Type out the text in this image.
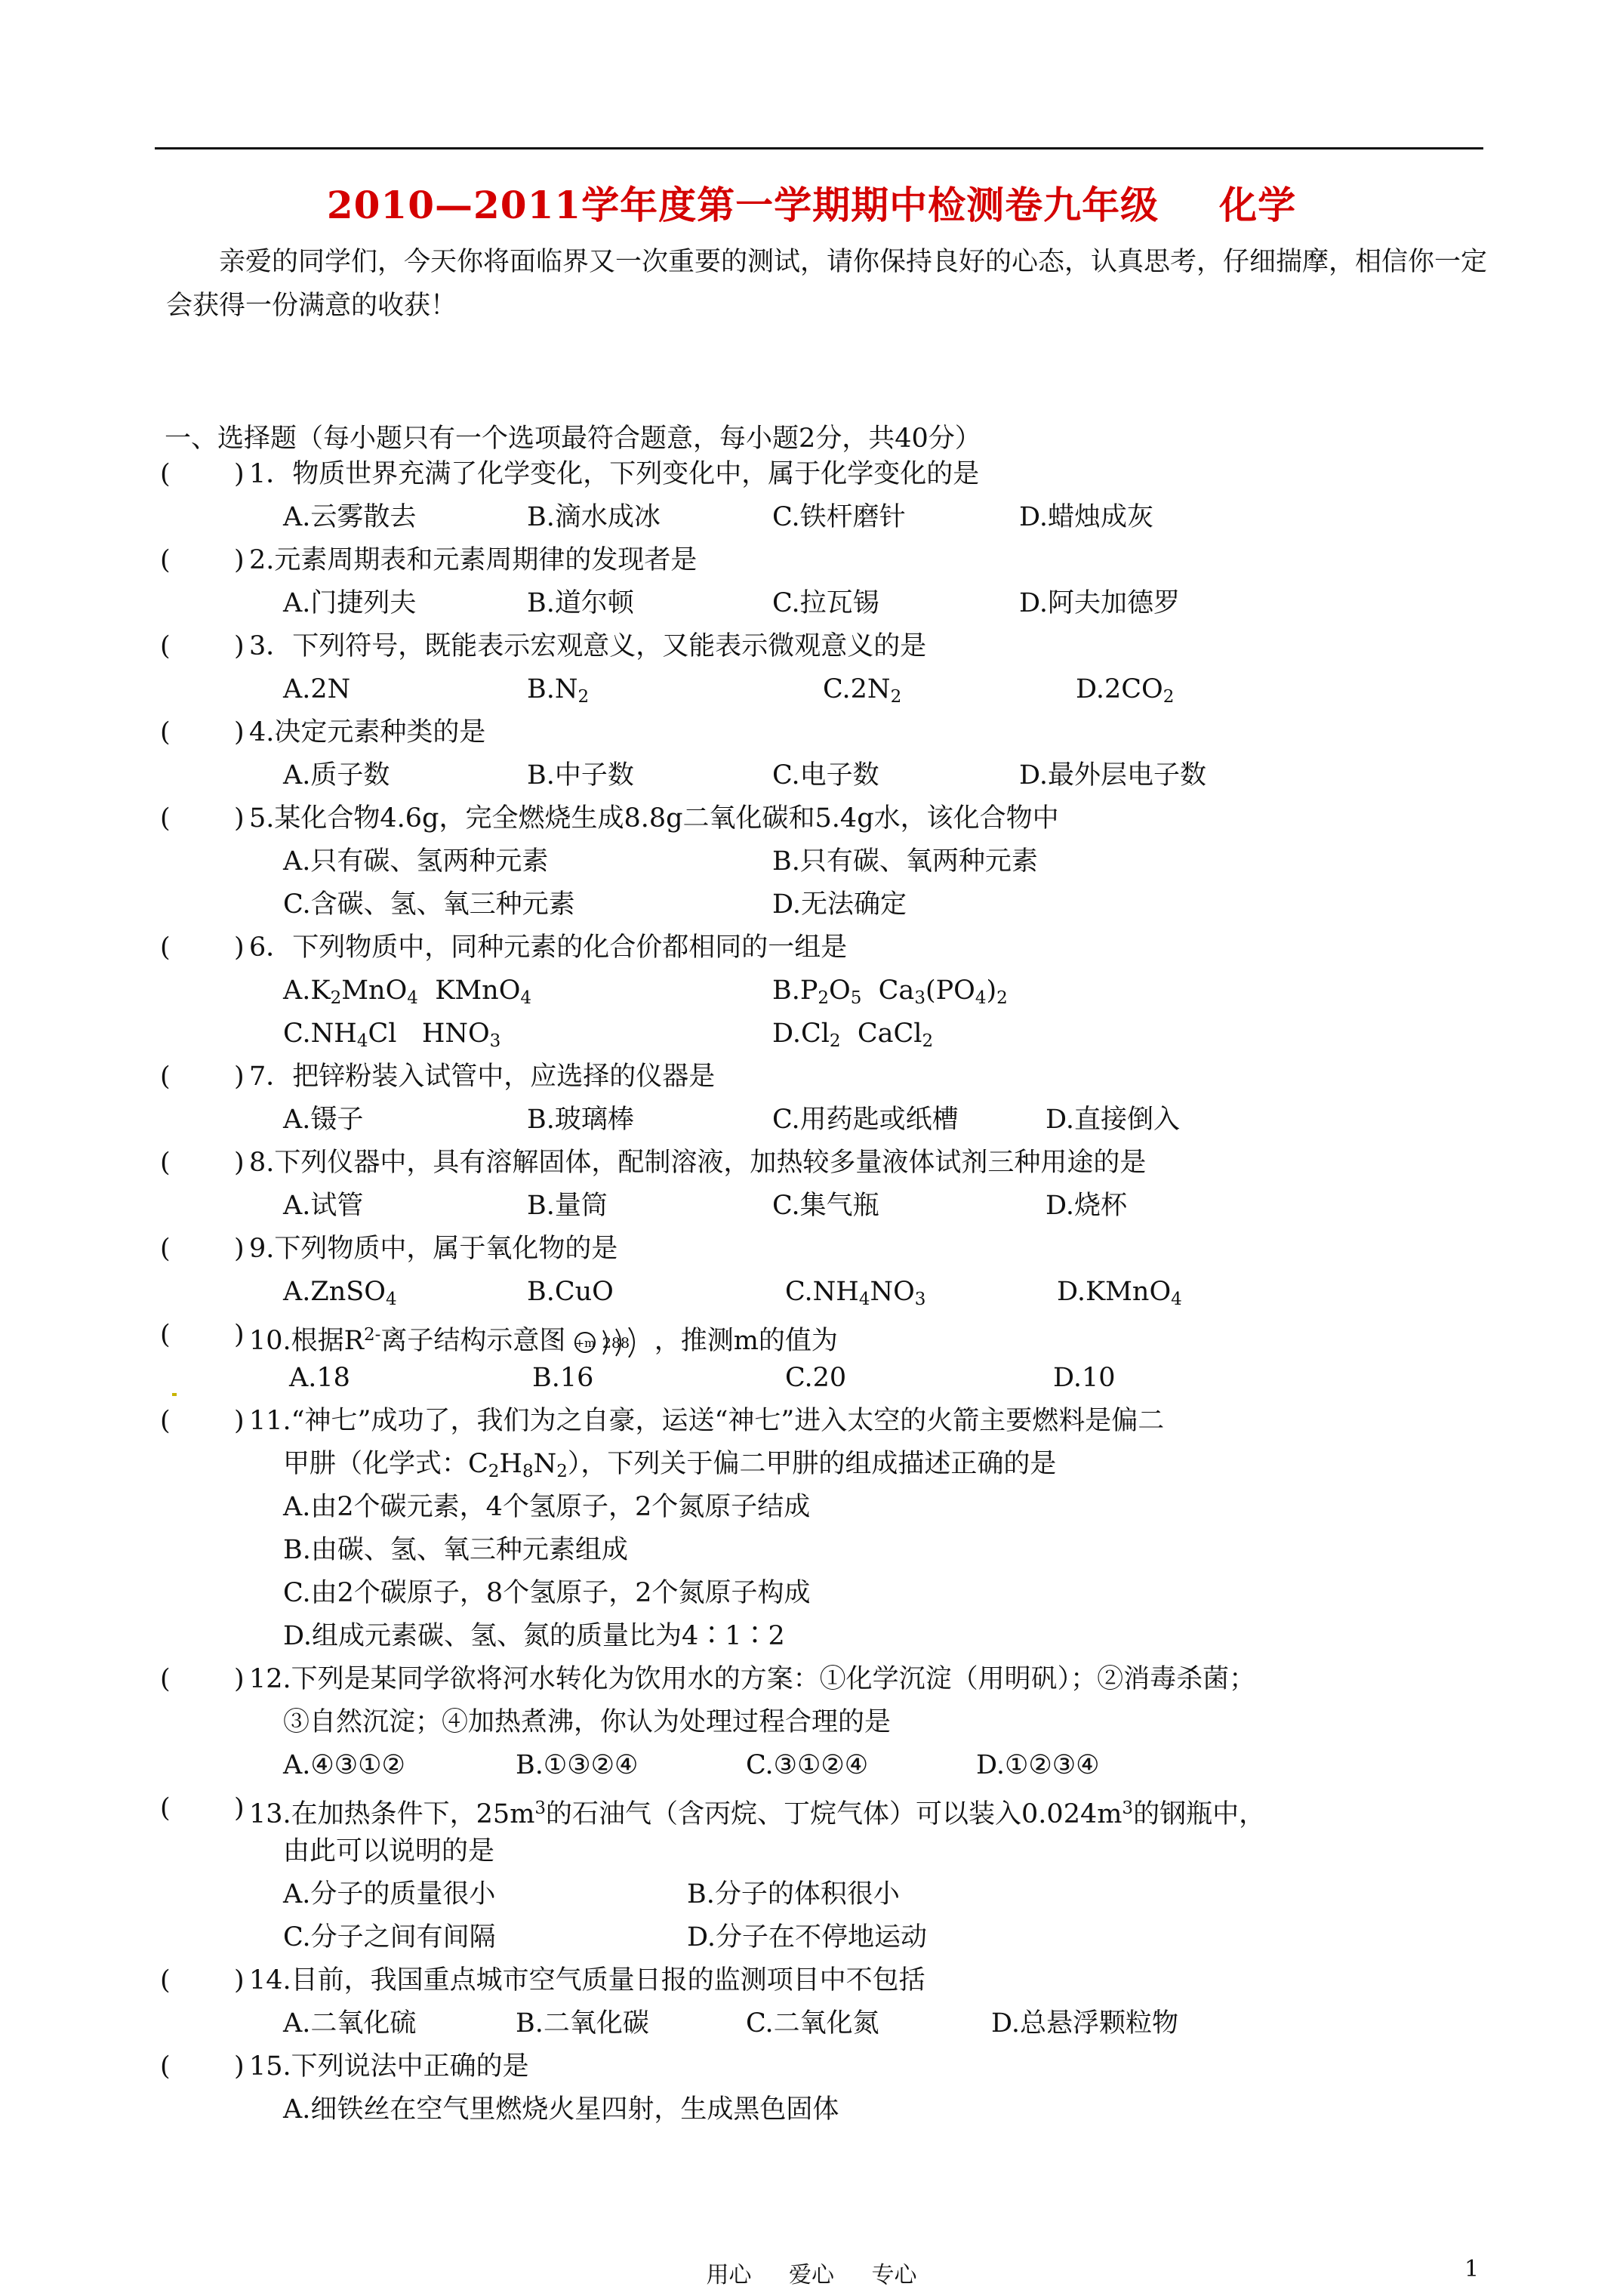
2010—2011学年度第一学期期中检测卷九年级 化学
亲爱的同学们，今天你将面临界又一次重要的测试，请你保持良好的心态，认真思考，仔细揣摩，相信你一定会获得一份满意的收获！
一、选择题（每小题只有一个选项最符合题意，每小题2分，共40分）
( ) 1．物质世界充满了化学变化，下列变化中，属于化学变化的是
A.云雾散去	B.滴水成冰	C.铁杆磨针	D.蜡烛成灰
( ) 2.元素周期表和元素周期律的发现者是
A.门捷列夫	B.道尔顿	C.拉瓦锡	D.阿夫加德罗
( ) 3．下列符号，既能表示宏观意义，又能表示微观意义的是
A.2N	$B.N_2$	$C.2N_2$	$D.2CO_2$
( ) 4.决定元素种类的是
A.质子数	B.中子数	C.电子数	D.最外层电子数
( ) 5.某化合物4.6g，完全燃烧生成8.8g二氧化碳和5.4g水，该化合物中
A.只有碳、氢两种元素	B.只有碳、氧两种元素
C.含碳、氢、氧三种元素	D.无法确定
( ) 6．下列物质中，同种元素的化合价都相同的一组是
$A.K_2MnO_4$ KMnO$_4$	$B.P_2O_5$ $Ca_3(PO_4)_2$
$C.NH_4Cl$ $HNO_3$	$D.Cl_2$ CaCl$_2$
( ) 7．把锌粉装入试管中，应选择的仪器是
A.镊子	B.玻璃棒	C.用药匙或纸槽	D.直接倒入
( ) 8.下列仪器中，具有溶解固体，配制溶液，加热较多量液体试剂三种用途的是
A.试管	B.量筒	C.集气瓶	D.烧杯
( ) 9.下列物质中，属于氧化物的是
A.ZnSO$_4$	B.CuO	$C.NH_4NO_3$	D.KMnO$_4$
( ) 10.根据$R^{2-}$离子结构示意图 +m 288 ，推测m的值为
A.18	B.16	C.20	D.10
( ) 11.“神七”成功了，我们为之自豪，运送“神七”进入太空的火箭主要燃料是偏二
甲肼（化学式：$C_2H_8N_2$），下列关于偏二甲肼的组成描述正确的是
A.由2个碳元素，4个氢原子，2个氮原子结成
B.由碳、氢、氧三种元素组成
C.由2个碳原子，8个氢原子，2个氮原子构成
D.组成元素碳、氢、氮的质量比为4∶1∶2
( ) 12.下列是某同学欲将河水转化为饮用水的方案：①化学沉淀（用明矾）；②消毒杀菌；
③自然沉淀；④加热煮沸，你认为处理过程合理的是
A.④③①②	B.①③②④	C.③①②④	D.①②③④
( ) 13.在加热条件下，$25m^3$的石油气（含丙烷、丁烷气体）可以装入$0.024m^3$的钢瓶中，
由此可以说明的是
A.分子的质量很小	B.分子的体积很小
C.分子之间有间隔	D.分子在不停地运动
( ) 14.目前，我国重点城市空气质量日报的监测项目中不包括
A.二氧化硫	B.二氧化碳	C.二氧化氮	D.总悬浮颗粒物
( ) 15.下列说法中正确的是
A.细铁丝在空气里燃烧火星四射，生成黑色固体
用心 爱心 专心	1
